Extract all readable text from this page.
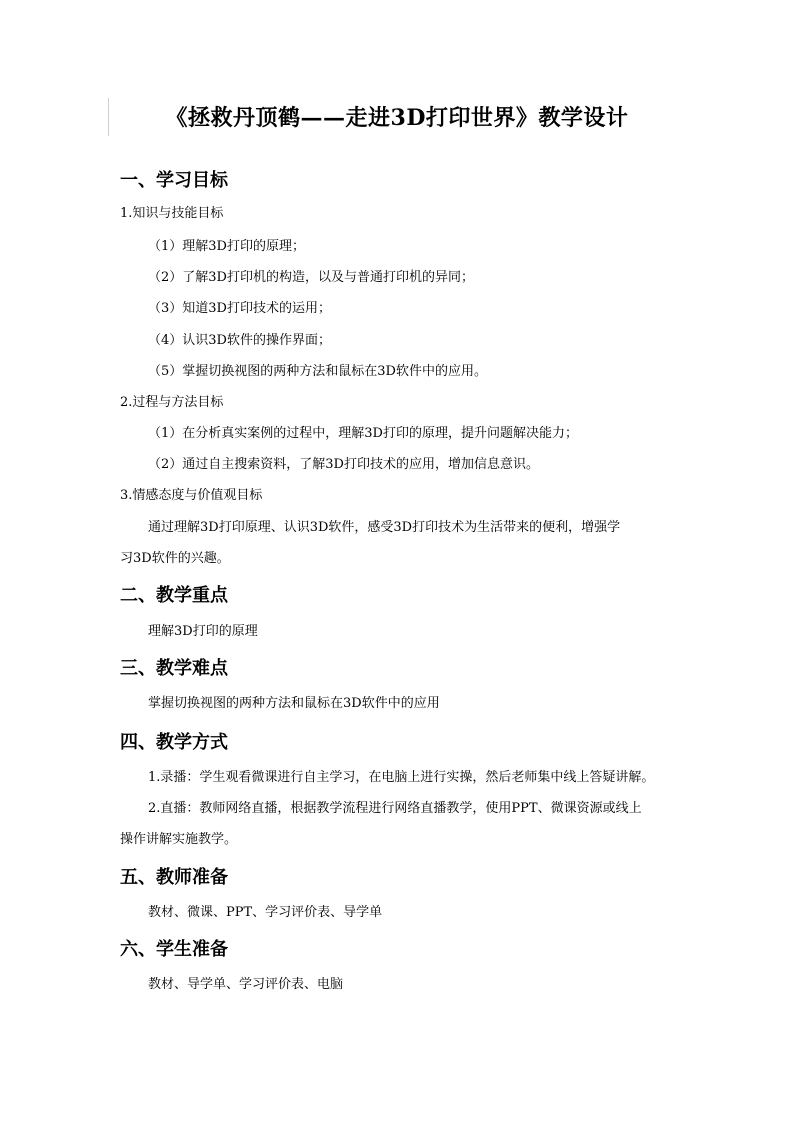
《拯救丹顶鹤——走进3D打印世界》教学设计
一、学习目标
1.知识与技能目标
（1）理解3D打印的原理；
（2）了解3D打印机的构造，以及与普通打印机的异同；
（3）知道3D打印技术的运用；
（4）认识3D软件的操作界面；
（5）掌握切换视图的两种方法和鼠标在3D软件中的应用。
2.过程与方法目标
（1）在分析真实案例的过程中，理解3D打印的原理，提升问题解决能力；
（2）通过自主搜索资料，了解3D打印技术的应用，增加信息意识。
3.情感态度与价值观目标
通过理解3D打印原理、认识3D软件，感受3D打印技术为生活带来的便利，增强学
习3D软件的兴趣。
二、教学重点
理解3D打印的原理
三、教学难点
掌握切换视图的两种方法和鼠标在3D软件中的应用
四、教学方式
1.录播：学生观看微课进行自主学习，在电脑上进行实操，然后老师集中线上答疑讲解。
2.直播：教师网络直播，根据教学流程进行网络直播教学，使用PPT、微课资源或线上
操作讲解实施教学。
五、教师准备
教材、微课、PPT、学习评价表、导学单
六、学生准备
教材、导学单、学习评价表、电脑
